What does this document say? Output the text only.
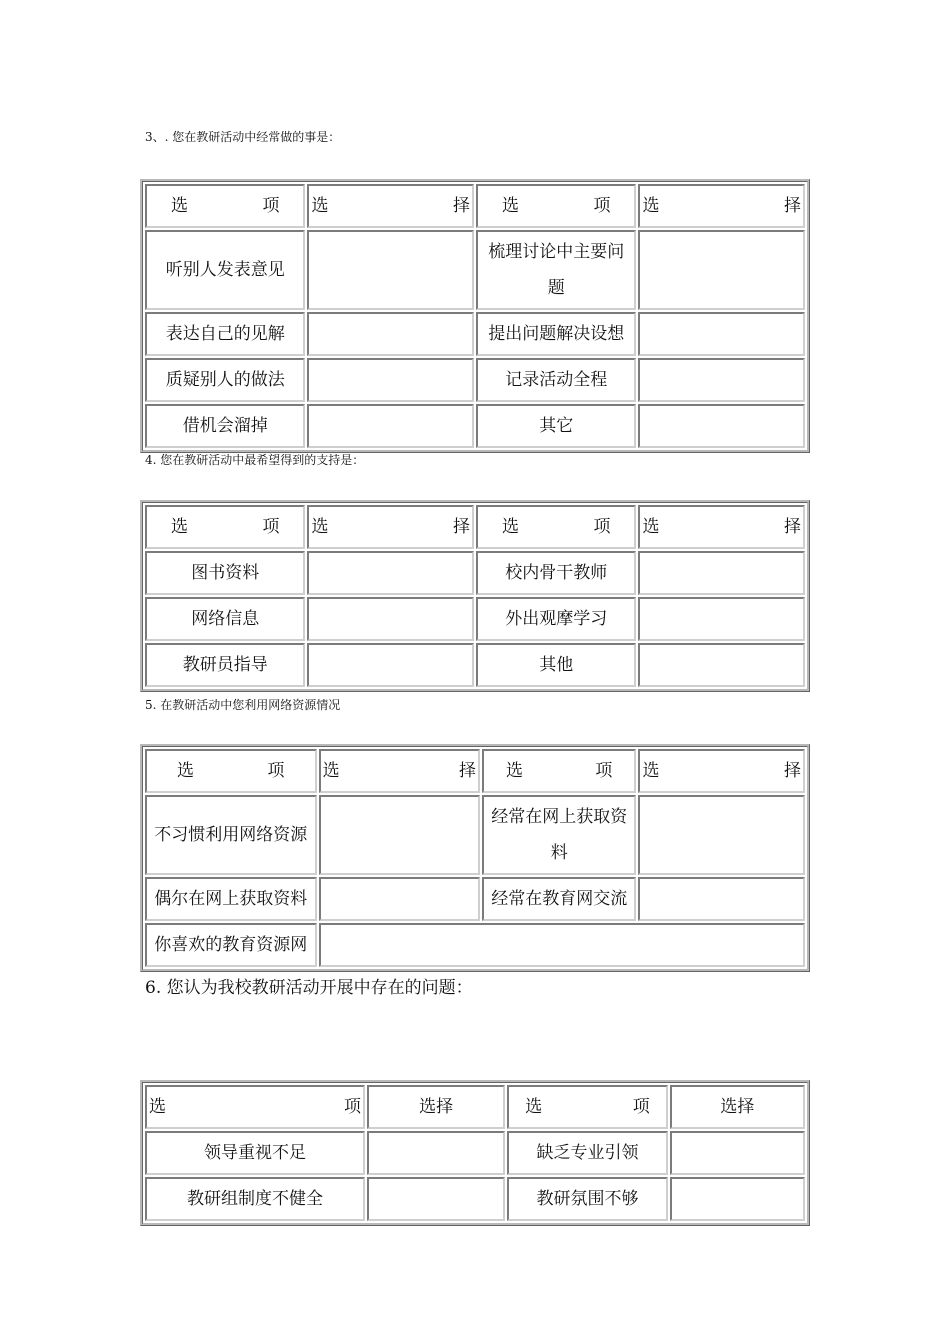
3、. 您在教研活动中经常做的事是：

选　　　项	选　　　　择	选　　　项	选　　　　择
听别人发表意见		梳理讨论中主要问题	
表达自己的见解		提出问题解决设想	
质疑别人的做法		记录活动全程	
借机会溜掉		其它	

4. 您在教研活动中最希望得到的支持是：

选　　　项	选　　　　择	选　　　项	选　　　　择
图书资料		校内骨干教师	
网络信息		外出观摩学习	
教研员指导		其他	

5. 在教研活动中您利用网络资源情况

选　　　项	选　　　　择	选　　　项	选　　　　择
不习惯利用网络资源		经常在网上获取资料	
偶尔在网上获取资料		经常在教育网交流	
你喜欢的教育资源网			

6. 您认为我校教研活动开展中存在的问题：

选　　　　项	选择	选　　　项	选择
领导重视不足		缺乏专业引领	
教研组制度不健全		教研氛围不够	
